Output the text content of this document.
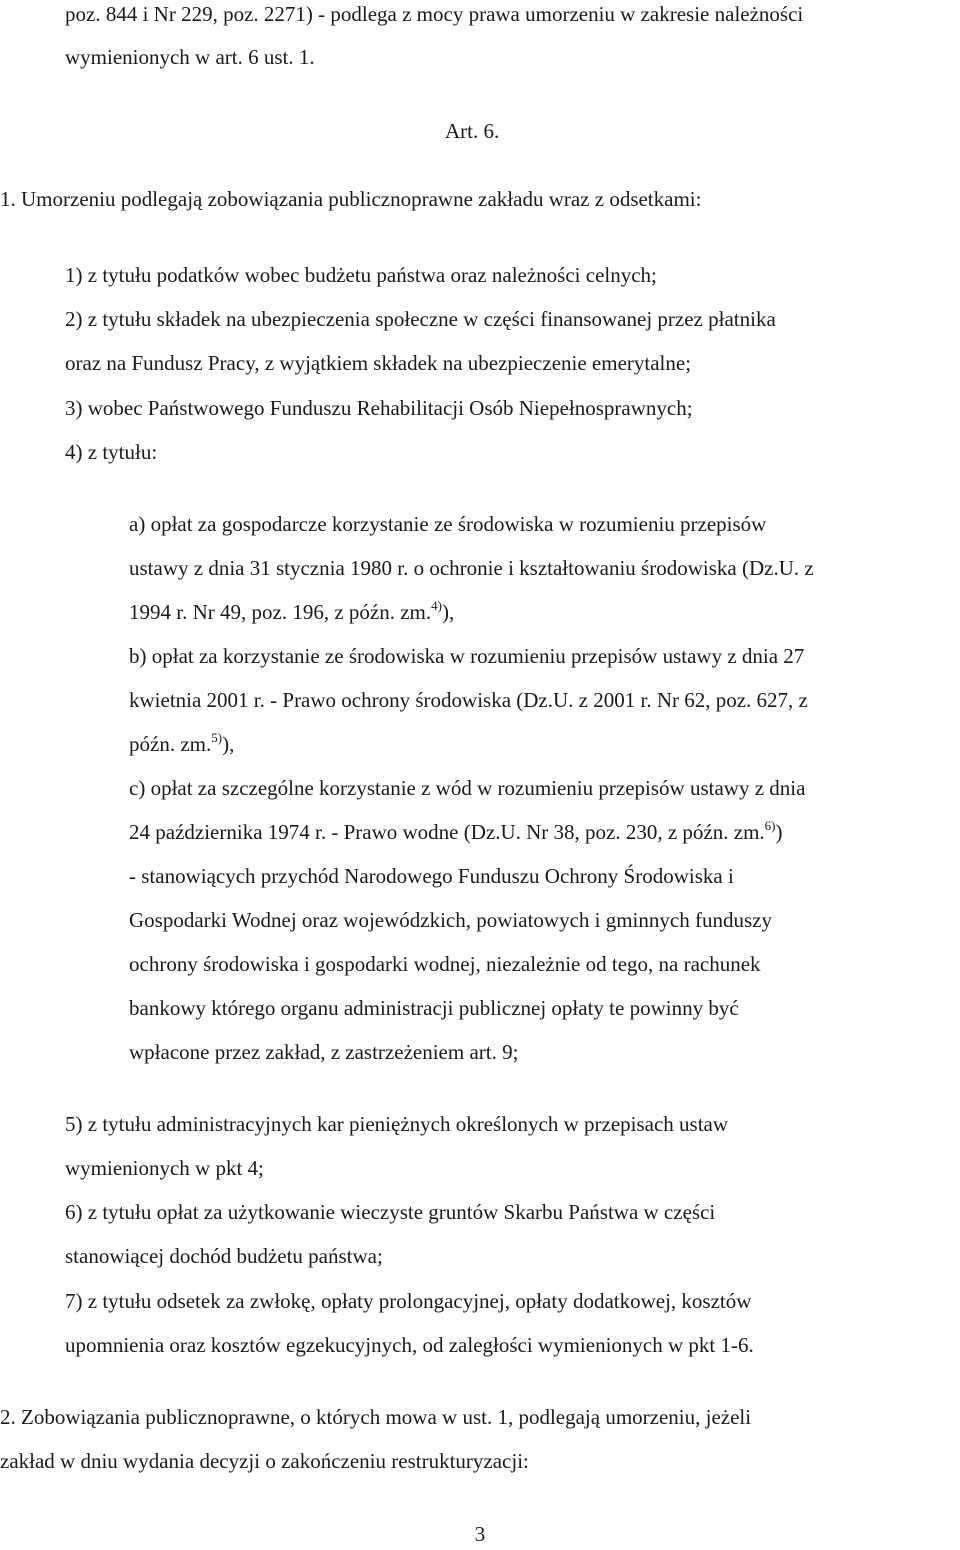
poz. 844 i Nr 229, poz. 2271) - podlega z mocy prawa umorzeniu w zakresie należności

wymienionych w art. 6 ust. 1.

Art. 6.

1. Umorzeniu podlegają zobowiązania publicznoprawne zakładu wraz z odsetkami:

1) z tytułu podatków wobec budżetu państwa oraz należności celnych;

2) z tytułu składek na ubezpieczenia społeczne w części finansowanej przez płatnika

oraz na Fundusz Pracy, z wyjątkiem składek na ubezpieczenie emerytalne;

3) wobec Państwowego Funduszu Rehabilitacji Osób Niepełnosprawnych;

4) z tytułu:

a) opłat za gospodarcze korzystanie ze środowiska w rozumieniu przepisów

ustawy z dnia 31 stycznia 1980 r. o ochronie i kształtowaniu środowiska (Dz.U. z

1994 r. Nr 49, poz. 196, z późn. zm.$^{4)}$),

b) opłat za korzystanie ze środowiska w rozumieniu przepisów ustawy z dnia 27

kwietnia 2001 r. - Prawo ochrony środowiska (Dz.U. z 2001 r. Nr 62, poz. 627, z

późn. zm.$^{5)}$),

c) opłat za szczególne korzystanie z wód w rozumieniu przepisów ustawy z dnia

24 października 1974 r. - Prawo wodne (Dz.U. Nr 38, poz. 230, z późn. zm.$^{6)}$)

- stanowiących przychód Narodowego Funduszu Ochrony Środowiska i

Gospodarki Wodnej oraz wojewódzkich, powiatowych i gminnych funduszy

ochrony środowiska i gospodarki wodnej, niezależnie od tego, na rachunek

bankowy którego organu administracji publicznej opłaty te powinny być

wpłacone przez zakład, z zastrzeżeniem art. 9;

5) z tytułu administracyjnych kar pieniężnych określonych w przepisach ustaw

wymienionych w pkt 4;

6) z tytułu opłat za użytkowanie wieczyste gruntów Skarbu Państwa w części

stanowiącej dochód budżetu państwa;

7) z tytułu odsetek za zwłokę, opłaty prolongacyjnej, opłaty dodatkowej, kosztów

upomnienia oraz kosztów egzekucyjnych, od zaległości wymienionych w pkt 1-6.

2. Zobowiązania publicznoprawne, o których mowa w ust. 1, podlegają umorzeniu, jeżeli

zakład w dniu wydania decyzji o zakończeniu restrukturyzacji:

3
